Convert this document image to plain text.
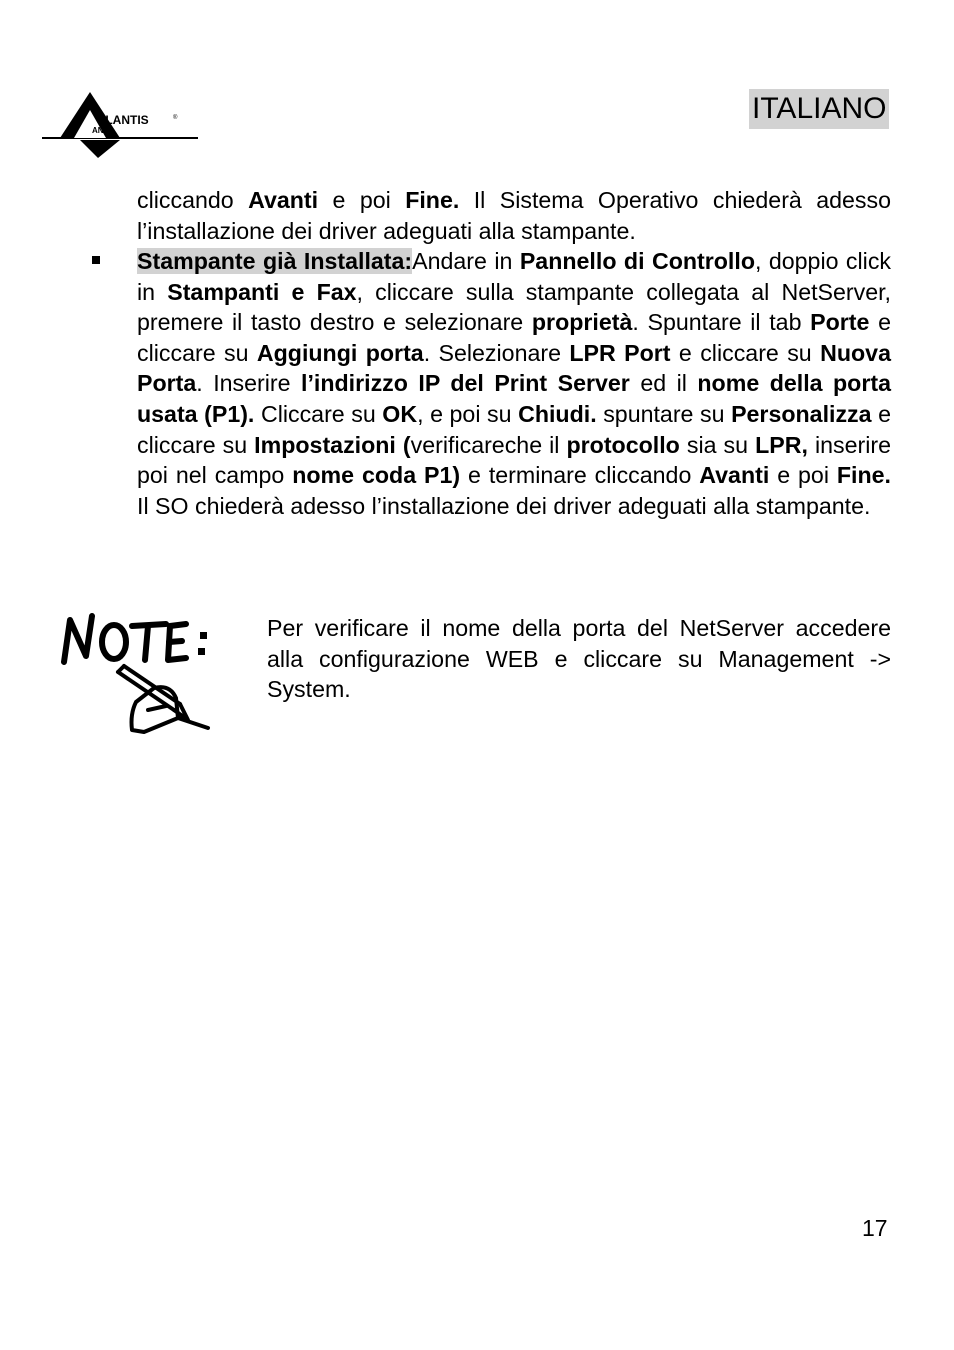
TLANTIS
AND
®	ITALIANO

cliccando Avanti e poi Fine. Il Sistema Operativo chiederà adesso l’installazione dei driver adeguati alla stampante.

Stampante già Installata:Andare in Pannello di Controllo, doppio click in Stampanti e Fax, cliccare sulla stampante collegata al NetServer, premere il tasto destro e selezionare proprietà. Spuntare il tab Porte e cliccare su Aggiungi porta. Selezionare LPR Port e cliccare su Nuova Porta. Inserire l’indirizzo IP del Print Server ed il nome della porta usata (P1). Cliccare su OK, e poi su Chiudi. spuntare su Personalizza e cliccare su Impostazioni (verificareche il protocollo sia su LPR, inserire poi nel campo nome coda P1) e terminare cliccando Avanti e poi Fine. Il SO chiederà adesso l’installazione dei driver adeguati alla stampante.

Per verificare il nome della porta del NetServer accedere alla configurazione WEB e cliccare su Management -> System.

17
